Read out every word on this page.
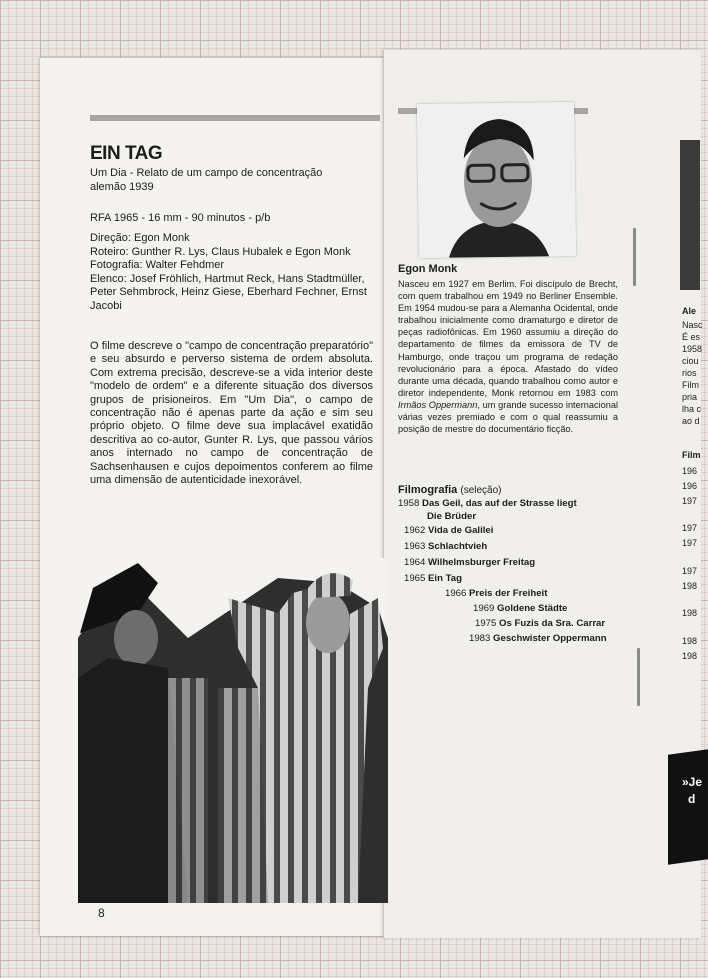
EIN TAG
Um Dia - Relato de um campo de concentração alemão 1939
RFA 1965 - 16 mm - 90 minutos - p/b
Direção: Egon Monk
Roteiro: Gunther R. Lys, Claus Hubalek e Egon Monk
Fotografia: Walter Fehdmer
Elenco: Josef Fröhlich, Hartmut Reck, Hans Stadtmüller, Peter Sehmbrock, Heinz Giese, Eberhard Fechner, Ernst Jacobi
O filme descreve o "campo de concentração preparatório" e seu absurdo e perverso sistema de ordem absoluta. Com extrema precisão, descreve-se a vida interior deste "modelo de ordem" e a diferente situação dos diversos grupos de prisioneiros. Em "Um Dia", o campo de concentração não é apenas parte da ação e sim seu próprio objeto. O filme deve sua implacável exatidão descritiva ao co-autor, Gunter R. Lys, que passou vários anos internado no campo de concentração de Sachsenhausen e cujos depoimentos conferem ao filme uma dimensão de autenticidade inexorável.
8
Egon Monk
Nasceu em 1927 em Berlim. Foi discípulo de Brecht, com quem trabalhou em 1949 no Berliner Ensemble. Em 1954 mudou-se para a Alemanha Ocidental, onde trabalhou inicialmente como dramaturgo e diretor de peças radiofônicas. Em 1960 assumiu a direção do departamento de filmes da emissora de TV de Hamburgo, onde traçou um programa de redação revolucionário para a época. Afastado do vídeo durante uma década, quando trabalhou como autor e diretor independente, Monk retornou em 1983 com Irmãos Oppermann, um grande sucesso internacional várias vezes premiado e com o qual reassumiu a posição de mestre do documentário ficção.
Filmografia (seleção)
1958 Das Geil, das auf der Strasse liegt
Die Brüder
1962 Vida de Galilei
1963 Schlachtvieh
1964 Wilhelmsburger Freitag
1965 Ein Tag
1966 Preis der Freiheit
1969 Goldene Städte
1975 Os Fuzis da Sra. Carrar
1983 Geschwister Oppermann
Ale
Nasc
É es
1958
ciou
rios
Film
pria
lha c
ao d
Film
196
196
197
197
197
197
198
198
198
198
»Je
d
